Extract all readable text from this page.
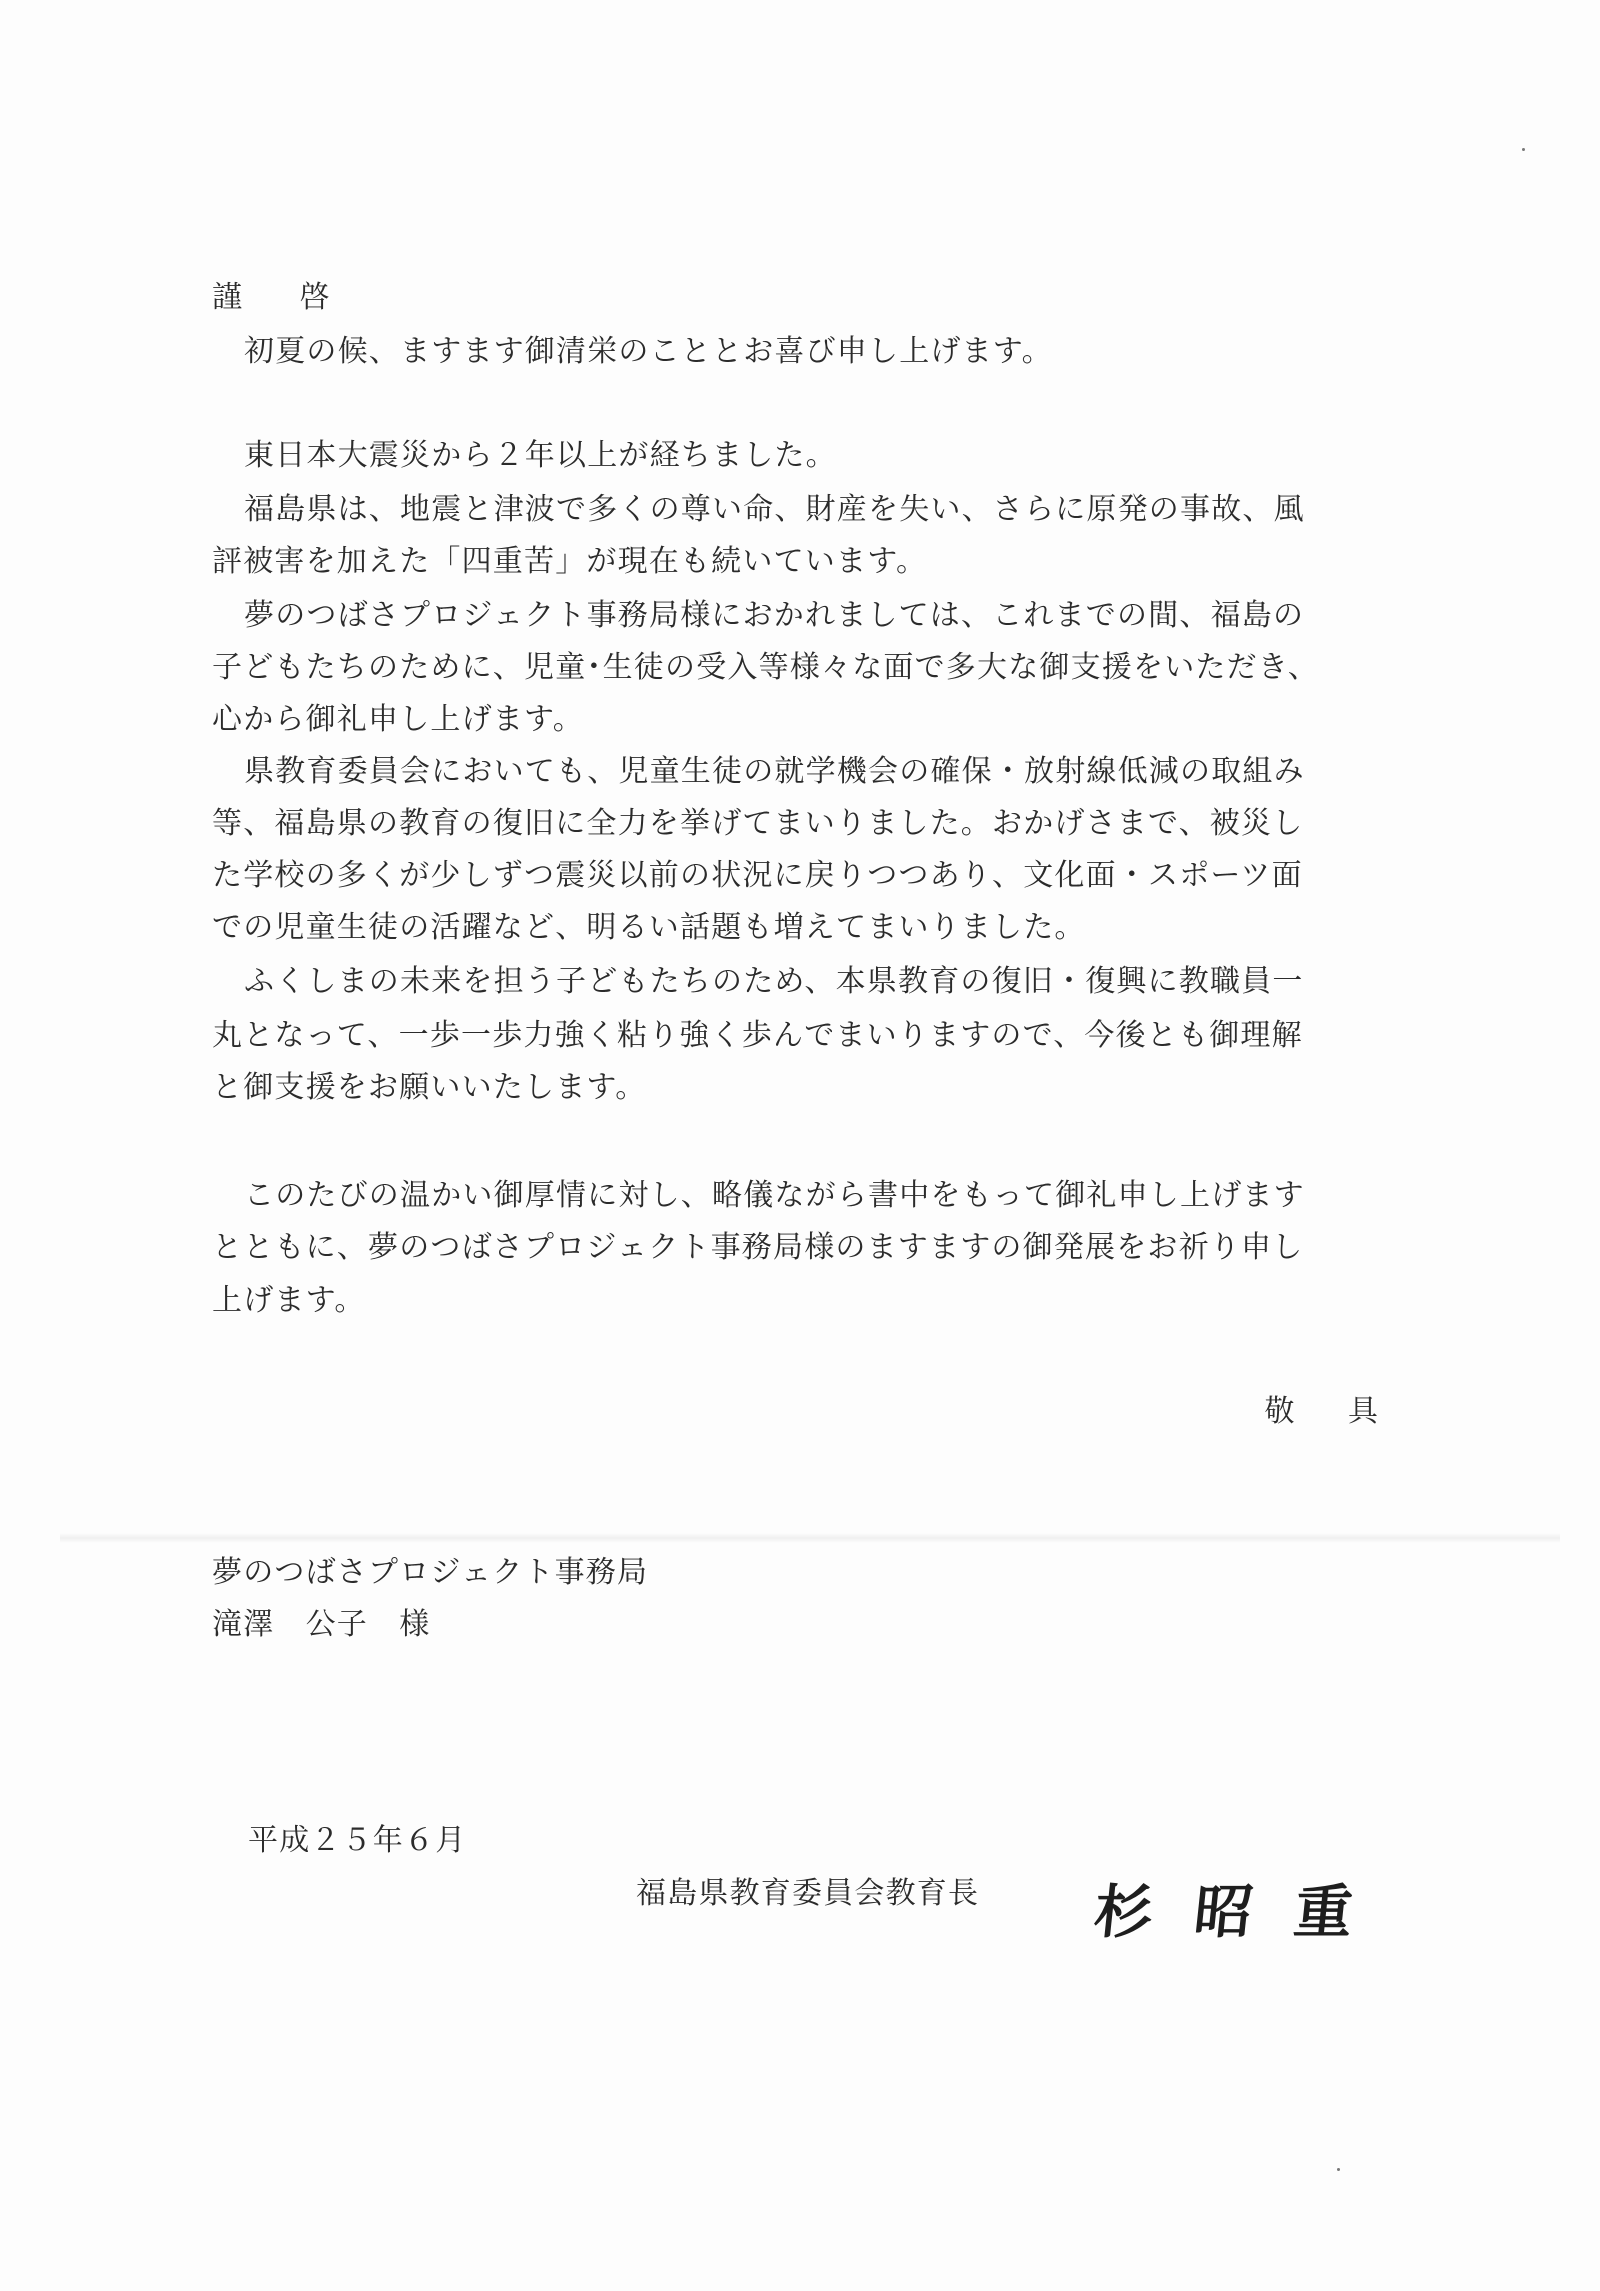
謹 啓
初夏の候、ますます御清栄のこととお喜び申し上げます。
東日本大震災から２年以上が経ちました。
福島県は、地震と津波で多くの尊い命、財産を失い、さらに原発の事故、風
評被害を加えた「四重苦」が現在も続いています。
夢のつばさプロジェクト事務局様におかれましては、これまでの間、福島の
子どもたちのために、児童･生徒の受入等様々な面で多大な御支援をいただき、
心から御礼申し上げます。
県教育委員会においても、児童生徒の就学機会の確保・放射線低減の取組み
等、福島県の教育の復旧に全力を挙げてまいりました。おかげさまで、被災し
た学校の多くが少しずつ震災以前の状況に戻りつつあり、文化面・スポーツ面
での児童生徒の活躍など、明るい話題も増えてまいりました。
ふくしまの未来を担う子どもたちのため、本県教育の復旧・復興に教職員一
丸となって、一歩一歩力強く粘り強く歩んでまいりますので、今後とも御理解
と御支援をお願いいたします。
このたびの温かい御厚情に対し、略儀ながら書中をもって御礼申し上げます
とともに、夢のつばさプロジェクト事務局様のますますの御発展をお祈り申し
上げます。
敬 具
夢のつばさプロジェクト事務局
滝澤　公子　様
平成２５年６月
福島県教育委員会教育長 杉昭重
